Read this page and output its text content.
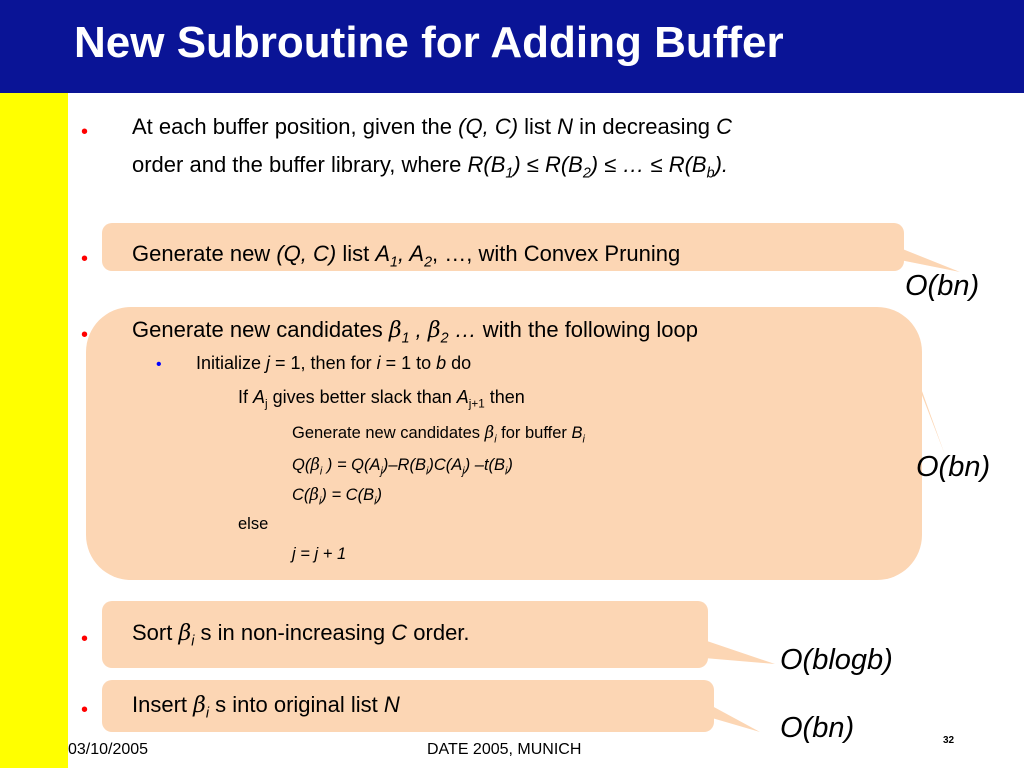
New Subroutine for Adding Buffer
• At each buffer position, given the (Q, C) list N in decreasing C
order and the buffer library, where $R(B_1) \le R(B_2)$ ≤ … ≤ $R(B_b)$.
• Generate new (Q, C) list $A_1$, $A_2$, …, with Convex Pruning
O(bn)
• Generate new candidates $\beta_1$ , $\beta_2$ … with the following loop
• Initialize j = 1, then for i = 1 to b do
If $A_j$ gives better slack than $A_{j+1}$ then
Generate new candidates $\beta_i$ for buffer $B_i$
$Q(\beta_i$ ) = $Q(A_j)-R(B_i)C(A_j)$ $-t(B_i)$
$C(\beta_i) = C(B_i)$
else
j = j + 1
O(bn)
• Sort $\beta_i$ s in non-increasing C order.
O(blogb)
• Insert $\beta_i$ s into original list N
O(bn)
03/10/2005	DATE 2005, MUNICH
32
